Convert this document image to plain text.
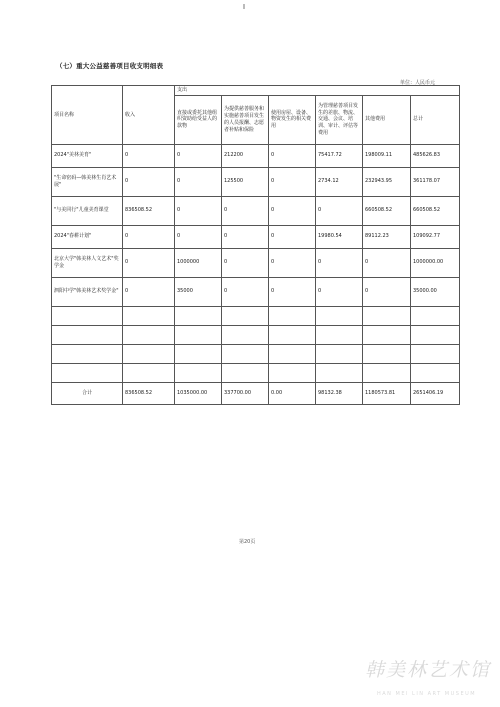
（七）重大公益慈善项目收支明细表
单位：人民币元
项目名称	收入	支出					
		直接或委托其他组织资助给受益人的款物	为提供慈善服务和实施慈善项目发生的人员报酬、志愿者补贴和保险	使用房屋、设备、物资发生的相关费用	为管理慈善项目发生的差旅、物流、交通、会议、培训、审计、评估等费用	其他费用	总计
2024"美林美育"	0	0	212200	0	75417.72	198009.11	485626.83
"生命密码—韩美林生肖艺术展"	0	0	125500	0	2734.12	232943.95	361178.07
"与美同行"儿童美育课堂	836508.52	0	0	0	0	660508.52	660508.52
2024"春耕计划"	0	0	0	0	19980.54	89112.23	109092.77
北京大学"韩美林人文艺术"奖学金	0	1000000	0	0	0	0	1000000.00
泗阳中学"韩美林艺术奖学金"	0	35000	0	0	0	0	35000.00

合计	836508.52	1035000.00	337700.00	0.00	98132.38	1180573.81	2651406.19
第20页
韩美林艺术馆
HAN MEI LIN ART MUSEUM
